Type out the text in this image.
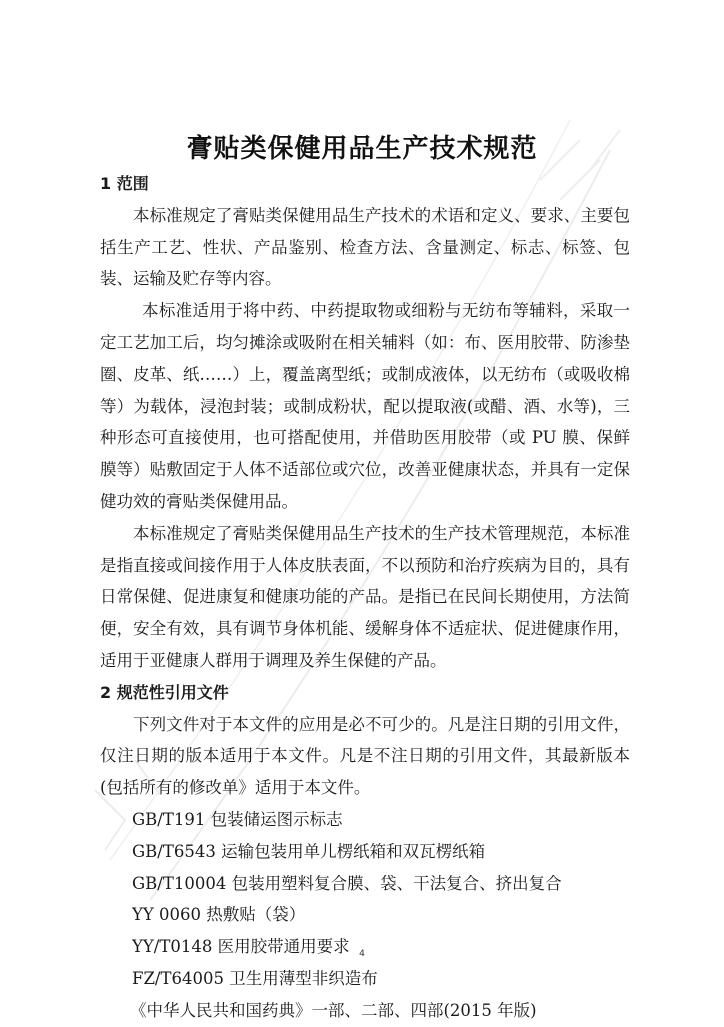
膏贴类保健用品生产技术规范

1 范围

本标准规定了膏贴类保健用品生产技术的术语和定义、要求、主要包括生产工艺、性状、产品鉴别、检查方法、含量测定、标志、标签、包装、运输及贮存等内容。

本标准适用于将中药、中药提取物或细粉与无纺布等辅料，采取一定工艺加工后，均匀摊涂或吸附在相关辅料（如：布、医用胶带、防渗垫圈、皮革、纸……）上，覆盖离型纸；或制成液体，以无纺布（或吸收棉等）为载体，浸泡封装；或制成粉状，配以提取液(或醋、酒、水等)，三种形态可直接使用，也可搭配使用，并借助医用胶带（或 PU 膜、保鲜膜等）贴敷固定于人体不适部位或穴位，改善亚健康状态，并具有一定保健功效的膏贴类保健用品。

本标准规定了膏贴类保健用品生产技术的生产技术管理规范，本标准是指直接或间接作用于人体皮肤表面，不以预防和治疗疾病为目的，具有日常保健、促进康复和健康功能的产品。是指已在民间长期使用，方法简便，安全有效，具有调节身体机能、缓解身体不适症状、促进健康作用，适用于亚健康人群用于调理及养生保健的产品。

2 规范性引用文件

下列文件对于本文件的应用是必不可少的。凡是注日期的引用文件，仅注日期的版本适用于本文件。凡是不注日期的引用文件，其最新版本(包括所有的修改单》适用于本文件。

GB/T191 包装储运图示标志

GB/T6543 运输包装用单儿楞纸箱和双瓦楞纸箱

GB/T10004 包装用塑料复合膜、袋、干法复合、挤出复合

YY 0060 热敷贴（袋）

YY/T0148 医用胶带通用要求

FZ/T64005 卫生用薄型非织造布

《中华人民共和国药典》一部、二部、四部(2015 年版)

4
